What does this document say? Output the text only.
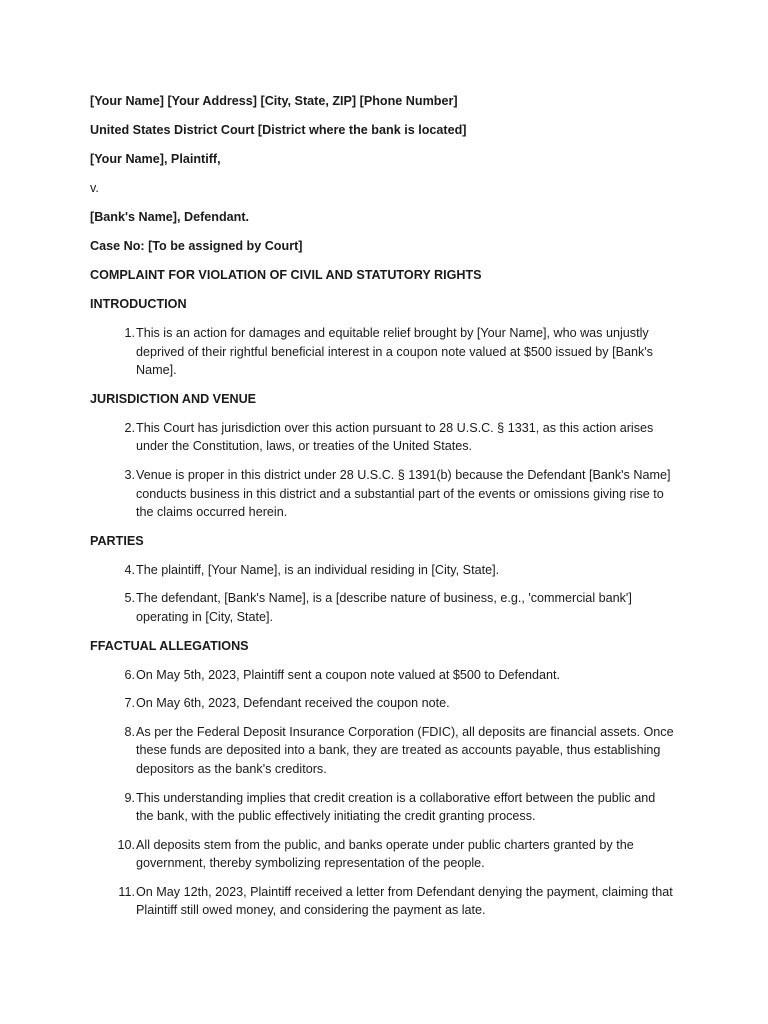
[Your Name] [Your Address] [City, State, ZIP] [Phone Number]
United States District Court [District where the bank is located]
[Your Name], Plaintiff,
v.
[Bank's Name], Defendant.
Case No: [To be assigned by Court]
COMPLAINT FOR VIOLATION OF CIVIL AND STATUTORY RIGHTS
INTRODUCTION
1. This is an action for damages and equitable relief brought by [Your Name], who was unjustly deprived of their rightful beneficial interest in a coupon note valued at $500 issued by [Bank's Name].
JURISDICTION AND VENUE
2. This Court has jurisdiction over this action pursuant to 28 U.S.C. § 1331, as this action arises under the Constitution, laws, or treaties of the United States.
3. Venue is proper in this district under 28 U.S.C. § 1391(b) because the Defendant [Bank's Name] conducts business in this district and a substantial part of the events or omissions giving rise to the claims occurred herein.
PARTIES
4. The plaintiff, [Your Name], is an individual residing in [City, State].
5. The defendant, [Bank's Name], is a [describe nature of business, e.g., 'commercial bank'] operating in [City, State].
FFACTUAL ALLEGATIONS
6. On May 5th, 2023, Plaintiff sent a coupon note valued at $500 to Defendant.
7. On May 6th, 2023, Defendant received the coupon note.
8. As per the Federal Deposit Insurance Corporation (FDIC), all deposits are financial assets. Once these funds are deposited into a bank, they are treated as accounts payable, thus establishing depositors as the bank's creditors.
9. This understanding implies that credit creation is a collaborative effort between the public and the bank, with the public effectively initiating the credit granting process.
10. All deposits stem from the public, and banks operate under public charters granted by the government, thereby symbolizing representation of the people.
11. On May 12th, 2023, Plaintiff received a letter from Defendant denying the payment, claiming that Plaintiff still owed money, and considering the payment as late.
